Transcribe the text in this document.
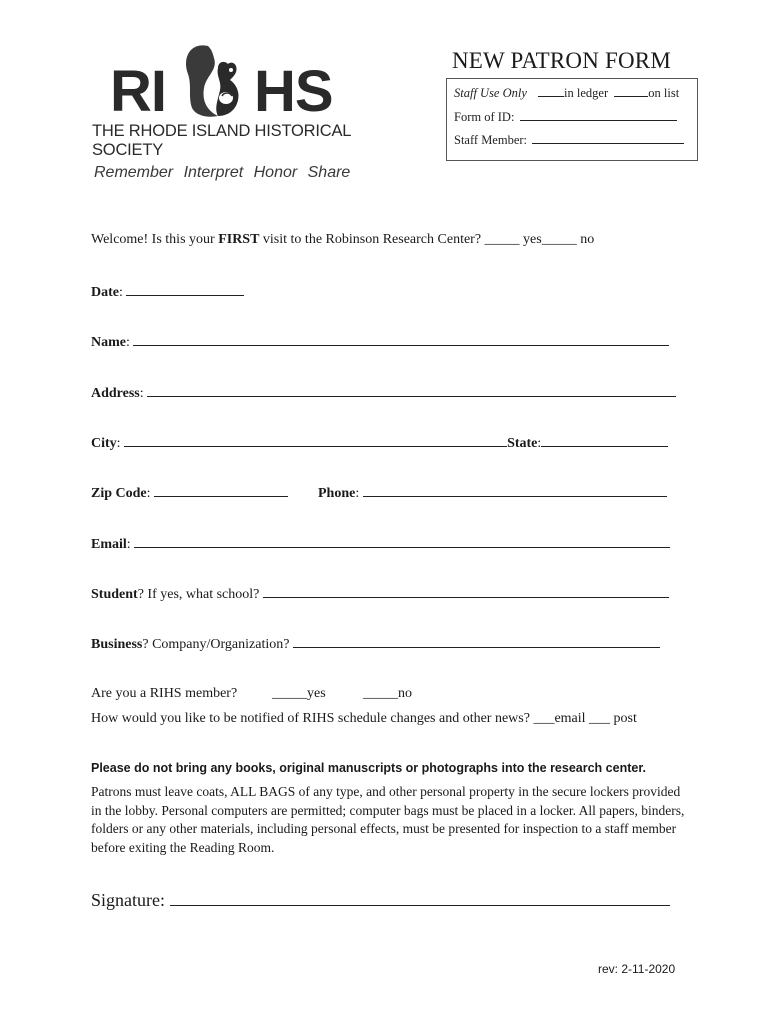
RI HS
THE RHODE ISLAND HISTORICAL SOCIETY
Remember Interpret Honor Share
NEW PATRON FORM
Staff Use Only	in ledger	on list
Form of ID:
Staff Member:
Welcome! Is this your FIRST visit to the Robinson Research Center? _____ yes_____ no
Date:
Name:
Address:
City:	State:
Zip Code:	Phone:
Email:
Student? If yes, what school?
Business? Company/Organization?
Are you a RIHS member? _____yes	_____no
How would you like to be notified of RIHS schedule changes and other news? ___email ___ post
Please do not bring any books, original manuscripts or photographs into the research center.
Patrons must leave coats, ALL BAGS of any type, and other personal property in the secure lockers provided in the lobby. Personal computers are permitted; computer bags must be placed in a locker. All papers, binders, folders or any other materials, including personal effects, must be presented for inspection to a staff member before exiting the Reading Room.
Signature:
rev: 2-11-2020
